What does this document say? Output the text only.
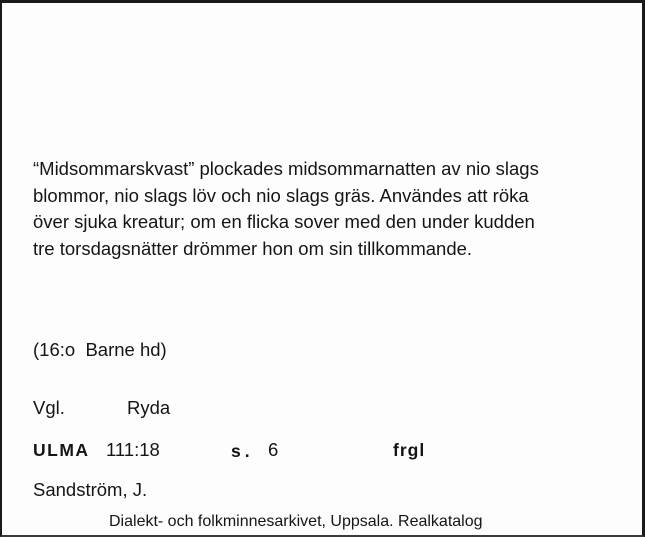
“Midsommarskvast” plockades midsommarnatten av nio slags
blommor, nio slags löv och nio slags gräs. Användes att röka
över sjuka kreatur; om en flicka sover med den under kudden
tre torsdagsnätter drömmer hon om sin tillkommande.
(16:o  Barne hd)
Vgl.	Ryda
ULMA 111:18	s. 6	frgl
Sandström, J.
Dialekt- och folkminnesarkivet, Uppsala. Realkatalog
